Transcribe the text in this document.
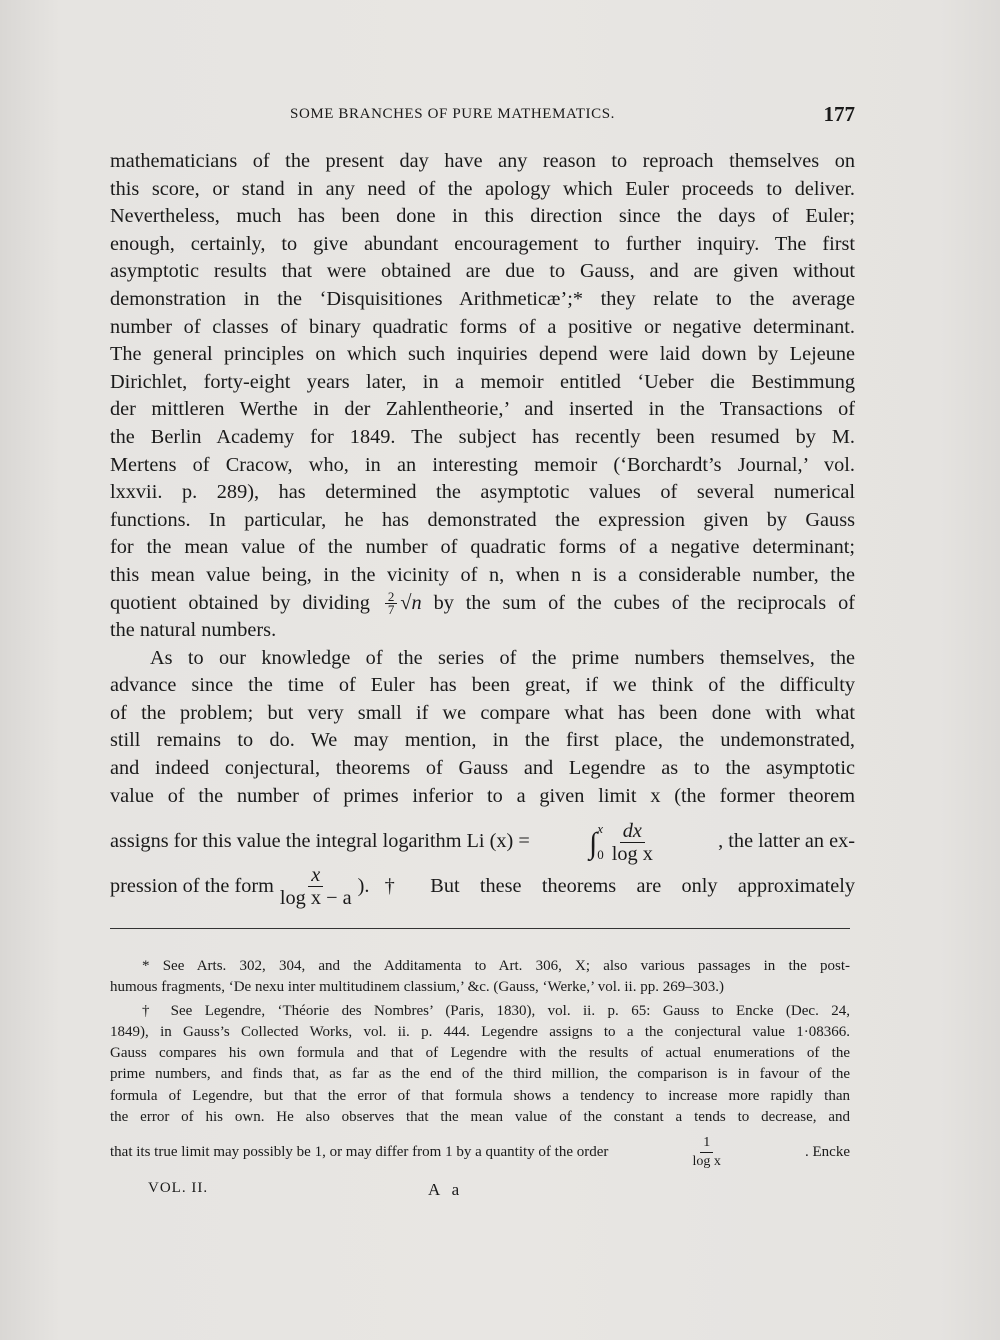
SOME BRANCHES OF PURE MATHEMATICS.	177

mathematicians of the present day have any reason to reproach themselves on
this score, or stand in any need of the apology which Euler proceeds to deliver.
Nevertheless, much has been done in this direction since the days of Euler;
enough, certainly, to give abundant encouragement to further inquiry. The first
asymptotic results that were obtained are due to Gauss, and are given without
demonstration in the ‘Disquisitiones Arithmeticæ’;* they relate to the average
number of classes of binary quadratic forms of a positive or negative determinant.
The general principles on which such inquiries depend were laid down by Lejeune
Dirichlet, forty-eight years later, in a memoir entitled ‘Ueber die Bestimmung
der mittleren Werthe in der Zahlentheorie,’ and inserted in the Transactions of
the Berlin Academy for 1849. The subject has recently been resumed by M.
Mertens of Cracow, who, in an interesting memoir (‘Borchardt’s Journal,’ vol.
lxxvii. p. 289), has determined the asymptotic values of several numerical
functions. In particular, he has demonstrated the expression given by Gauss
for the mean value of the number of quadratic forms of a negative determinant;
this mean value being, in the vicinity of n, when n is a considerable number, the
quotient obtained by dividing $\frac{2}{7} √n$ by the sum of the cubes of the reciprocals of
the natural numbers.

As to our knowledge of the series of the prime numbers themselves, the
advance since the time of Euler has been great, if we think of the difficulty
of the problem; but very small if we compare what has been done with what
still remains to do. We may mention, in the first place, the undemonstrated,
and indeed conjectural, theorems of Gauss and Legendre as to the asymptotic
value of the number of primes inferior to a given limit x (the former theorem

assigns for this value the integral logarithm Li (x) = ∫ x
$0 \frac{dx}{\text{log x}}$	, the latter an ex-
pression of the form $\frac{x}{\text{log x − a}}$ ).† But these theorems are only approximately

* See Arts. 302, 304, and the Additamenta to Art. 306, X; also various passages in the post-
humous fragments, ‘De nexu inter multitudinem classium,’ &c. (Gauss, ‘Werke,’ vol. ii. pp. 269–303.)

† See Legendre, ‘Théorie des Nombres’ (Paris, 1830), vol. ii. p. 65: Gauss to Encke (Dec. 24,
1849), in Gauss’s Collected Works, vol. ii. p. 444. Legendre assigns to a the conjectural value 1·08366.
Gauss compares his own formula and that of Legendre with the results of actual enumerations of the
prime numbers, and finds that, as far as the end of the third million, the comparison is in favour of the
formula of Legendre, but that the error of that formula shows a tendency to increase more rapidly than
the error of his own. He also observes that the mean value of the constant a tends to decrease, and

that its true limit may possibly be 1, or may differ from 1 by a quantity of the order	$\frac{1}{\text{log x}}$	. Encke
VOL. II.	A a
